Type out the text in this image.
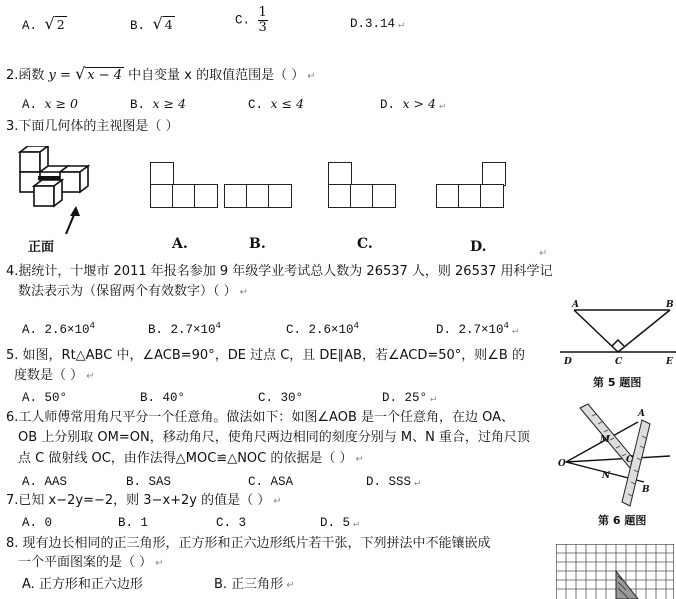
A. √ 2	B. √ 4	C. $\frac{1}{3}$	D.3.14 ↵
2.函数 y = √ x − 4 中自变量 x 的取值范围是（ ） ↵
A. x ≥ 0	B. x ≥ 4	C. x ≤ 4	D. x > 4 ↵
3.下面几何体的主视图是（ ）
正面	A.	B.	C.	D.	↵
4.据统计，十堰市 2011 年报名参加 9 年级学业考试总人数为 26537 人，则 26537 用科学记
数法表示为（保留两个有效数字）（ ） ↵
A. $2.6\times 10^4$	B. $2.7\times 10^4$	C. $2.6\times 10^4$	D. $2.7\times 10^4↵$
A	B
C
D	E
第 5 题图
5. 如图，Rt△ABC 中，∠ACB=90°，DE 过点 C，且 DE∥AB，若∠ACD=50°，则∠B 的
度数是（ ） ↵
A. 50°	B. 40°	C. 30°	D. 25° ↵
6.工人师傅常用角尺平分一个任意角。做法如下：如图∠AOB 是一个任意角，在边 OA、
OB 上分别取 OM=ON，移动角尺，使角尺两边相同的刻度分别与 M、N 重合，过角尺顶
点 C 做射线 OC，由作法得△MOC≌△NOC 的依据是（ ） ↵
A. AAS	B. SAS	C. ASA	D. SSS ↵
A
B
O
M
N
C
第 6 题图
7.已知 x−2y=−2，则 3−x+2y 的值是（ ） ↵
A. 0	B. 1	C. 3	D. 5 ↵
8. 现有边长相同的正三角形，正方形和正六边形纸片若干张，下列拼法中不能镶嵌成
一个平面图案的是（ ） ↵
A. 正方形和正六边形	B. 正三角形 ↵
